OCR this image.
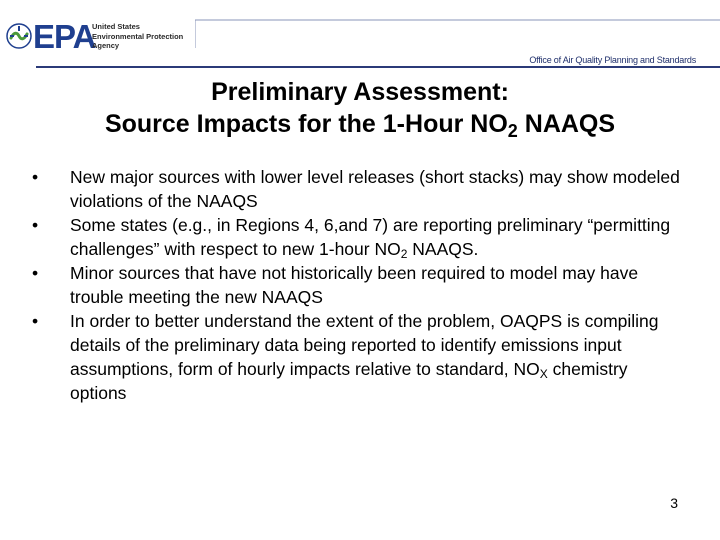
EPA
United States
Environmental Protection
Agency
Office of Air Quality Planning and Standards
Preliminary Assessment:
Source Impacts for the 1-Hour $NO_2$ NAAQS
•	New major sources with lower level releases (short stacks) may show modeled violations of the NAAQS
•	Some states (e.g., in Regions 4, 6,and 7) are reporting preliminary “permitting challenges” with respect to new 1-hour $NO_2$ NAAQS.
•	Minor sources that have not historically been required to model may have trouble meeting the new NAAQS
•	In order to better understand the extent of the problem, OAQPS is compiling details of the preliminary data being reported to identify emissions input assumptions, form of hourly impacts relative to standard, $NO_X$ chemistry options
3
